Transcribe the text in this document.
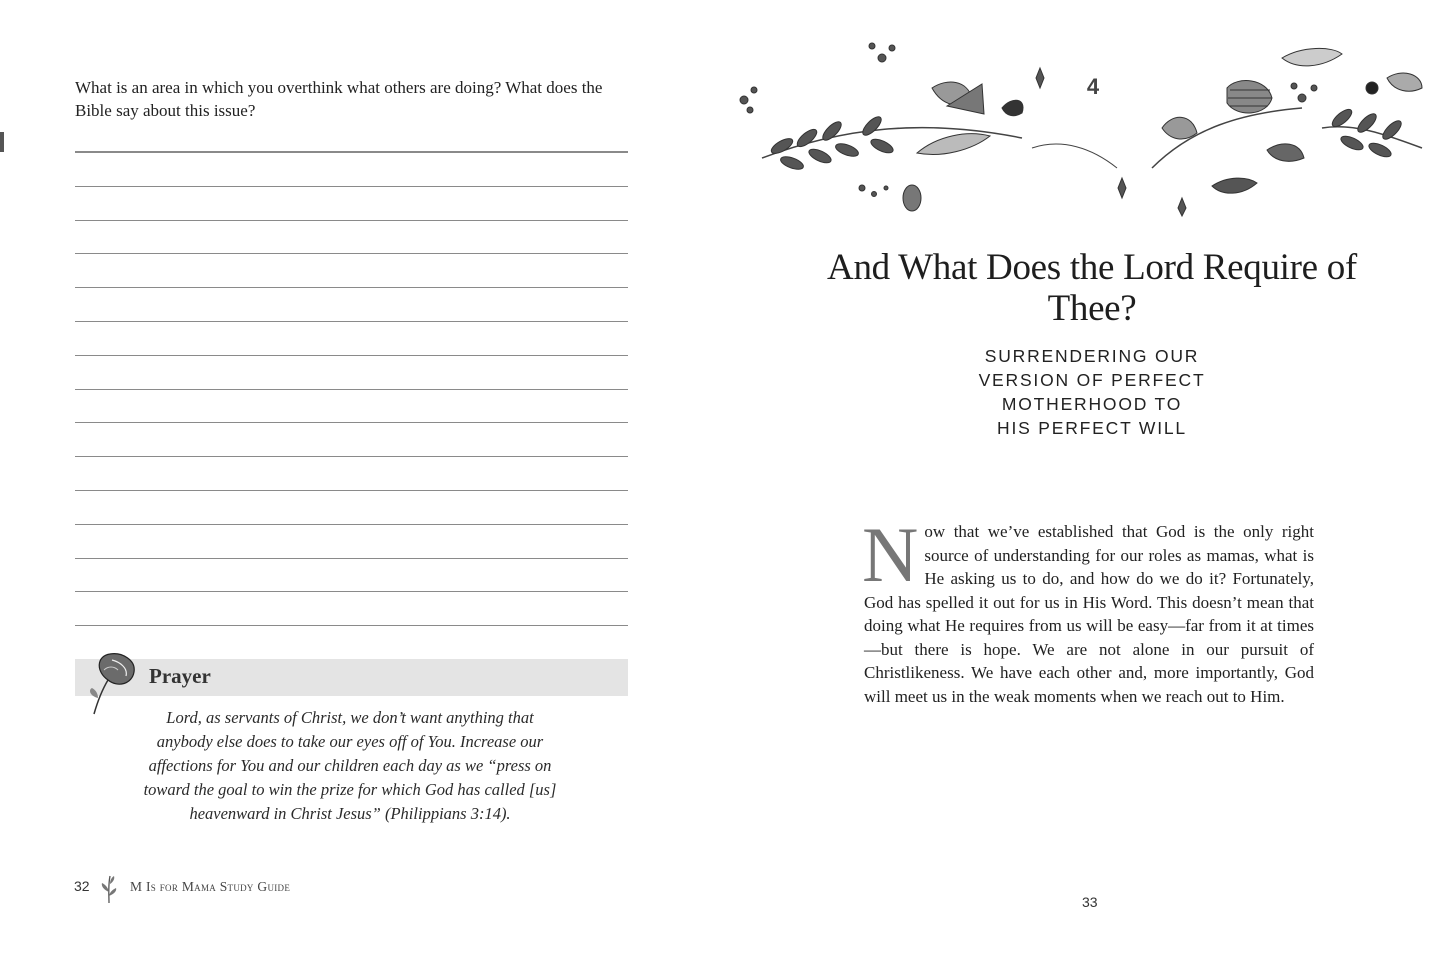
What is an area in which you overthink what others are doing? What does the Bible say about this issue?
Prayer
Lord, as servants of Christ, we don’t want anything that anybody else does to take our eyes off of You. Increase our affections for You and our children each day as we “press on toward the goal to win the prize for which God has called [us] heavenward in Christ Jesus” (Philippians 3:14).
32	M Is for Mama Study Guide
4
And What Does the Lord Require of Thee?
SURRENDERING OUR
VERSION OF PERFECT
MOTHERHOOD TO
HIS PERFECT WILL
Now that we’ve established that God is the only right source of understanding for our roles as mamas, what is He asking us to do, and how do we do it? Fortunately, God has spelled it out for us in His Word. This doesn’t mean that doing what He requires from us will be easy—far from it at times—but there is hope. We are not alone in our pursuit of Christlikeness. We have each other and, more importantly, God will meet us in the weak moments when we reach out to Him.
33
